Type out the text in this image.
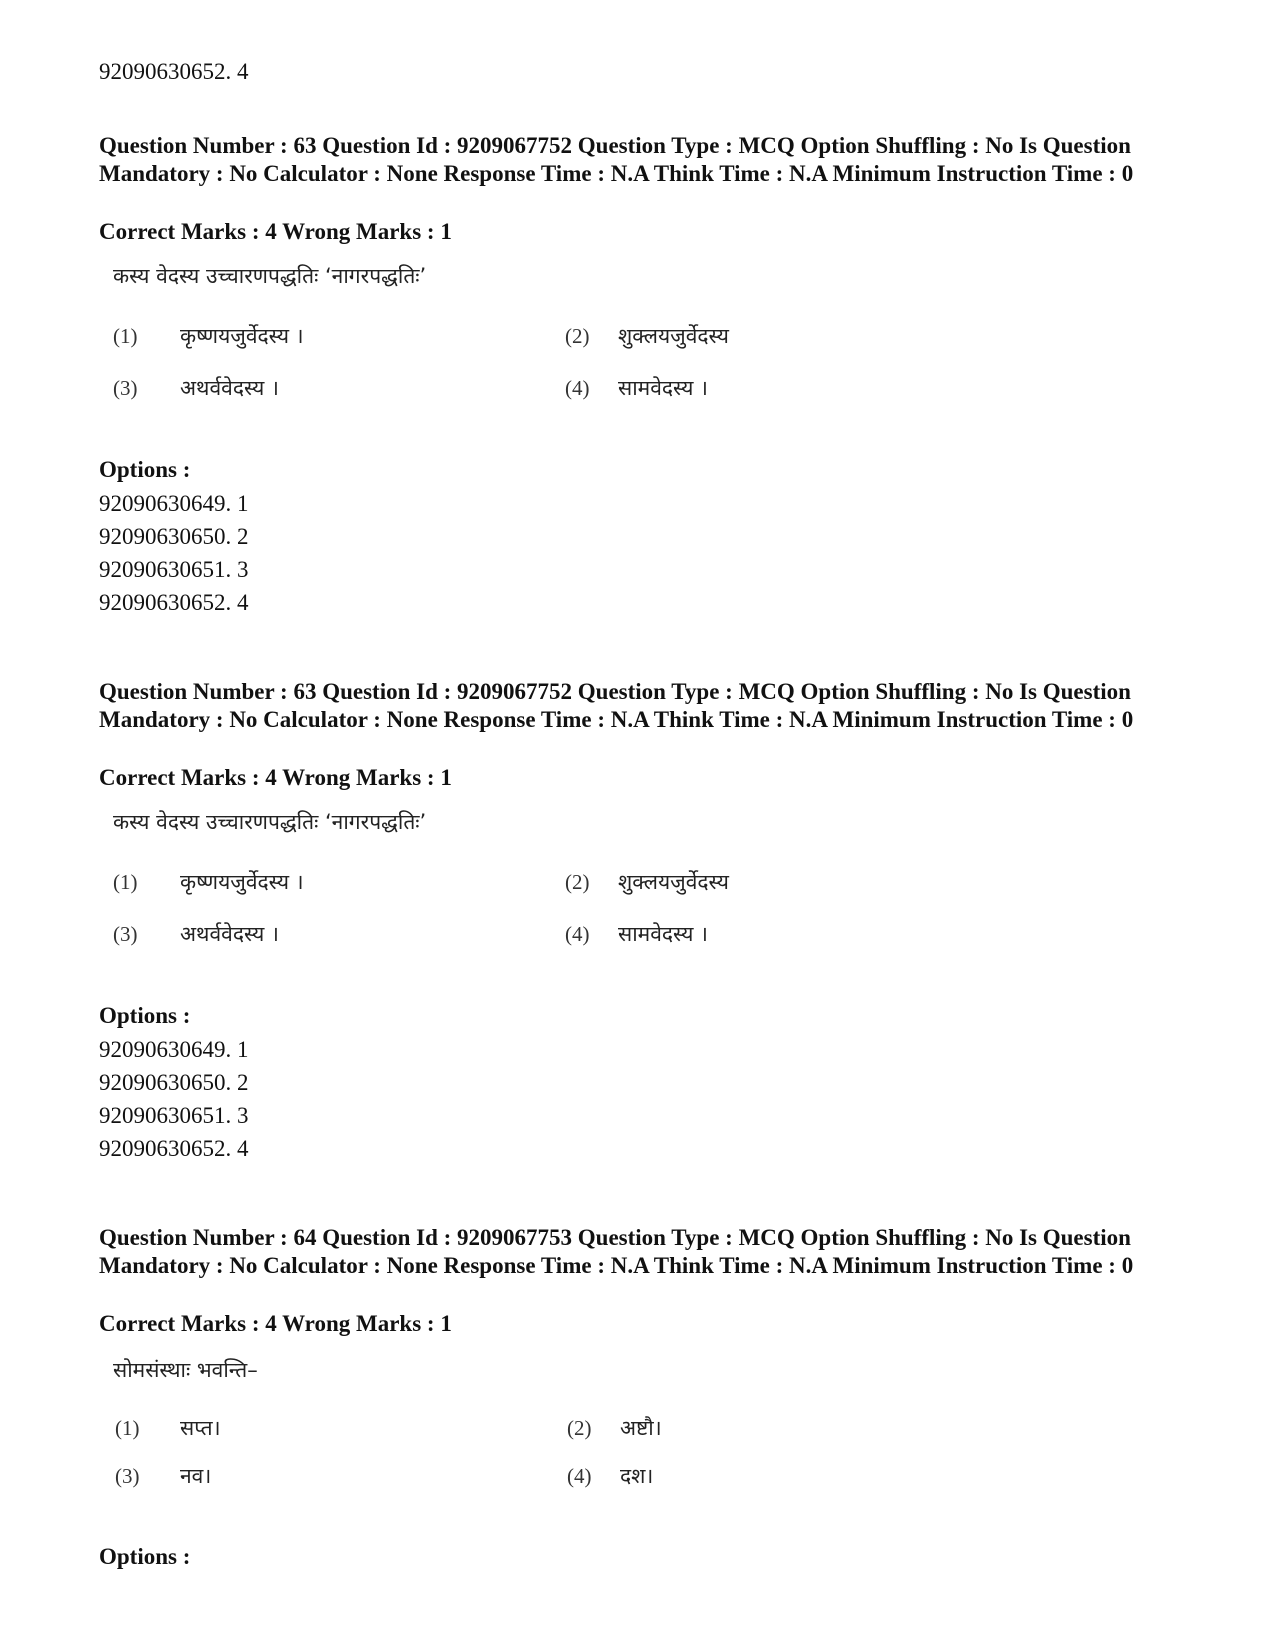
92090630652. 4
Question Number : 63 Question Id : 9209067752 Question Type : MCQ Option Shuffling : No Is Question Mandatory : No Calculator : None Response Time : N.A Think Time : N.A Minimum Instruction Time : 0
Correct Marks : 4 Wrong Marks : 1
कस्य वेदस्य उच्चारणपद्धतिः ‘नागरपद्धतिः’
(1) कृष्णयजुर्वेदस्य ।	(2) शुक्लयजुर्वेदस्य
(3) अथर्ववेदस्य ।	(4) सामवेदस्य ।
Options :
92090630649. 1
92090630650. 2
92090630651. 3
92090630652. 4
Question Number : 63 Question Id : 9209067752 Question Type : MCQ Option Shuffling : No Is Question Mandatory : No Calculator : None Response Time : N.A Think Time : N.A Minimum Instruction Time : 0
Correct Marks : 4 Wrong Marks : 1
कस्य वेदस्य उच्चारणपद्धतिः ‘नागरपद्धतिः’
(1) कृष्णयजुर्वेदस्य ।	(2) शुक्लयजुर्वेदस्य
(3) अथर्ववेदस्य ।	(4) सामवेदस्य ।
Options :
92090630649. 1
92090630650. 2
92090630651. 3
92090630652. 4
Question Number : 64 Question Id : 9209067753 Question Type : MCQ Option Shuffling : No Is Question Mandatory : No Calculator : None Response Time : N.A Think Time : N.A Minimum Instruction Time : 0
Correct Marks : 4 Wrong Marks : 1
सोमसंस्थाः भवन्ति–
(1) सप्त।	(2) अष्टौ।
(3) नव।	(4) दश।
Options :
